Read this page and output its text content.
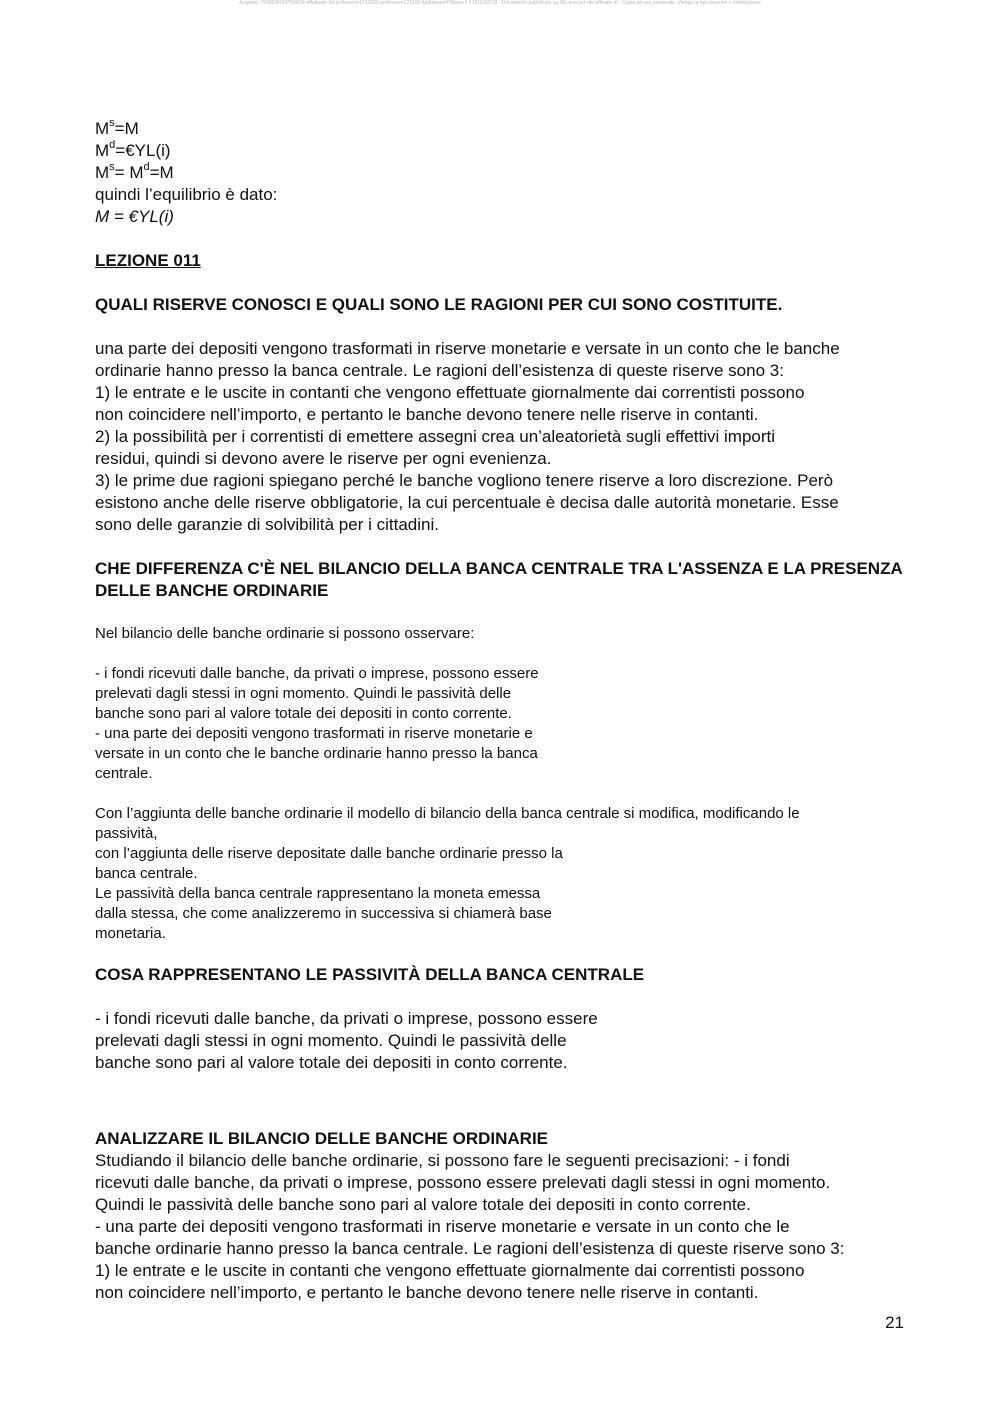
Acquisto: PFMD9H3IP5HK5E effettuato da professore1712000 professore171200 ApdtabsanIPiMaeo il il 15/10/2018 - Documento pubblicato su Sfu.aria nel sito ufficiale di - Copia ad uso personale. Vietata la riproduzione e distribuzione

$M^s=M$

$M^d=€YL(i)$

$M^s= M^d=M$

quindi l’equilibrio è dato:

M = €YL(i)

LEZIONE 011

QUALI RISERVE CONOSCI E QUALI SONO LE RAGIONI PER CUI SONO COSTITUITE.

una parte dei depositi vengono trasformati in riserve monetarie e versate in un conto che le banche

ordinarie hanno presso la banca centrale. Le ragioni dell’esistenza di queste riserve sono 3:

1) le entrate e le uscite in contanti che vengono effettuate giornalmente dai correntisti possono

non coincidere nell’importo, e pertanto le banche devono tenere nelle riserve in contanti.

2) la possibilità per i correntisti di emettere assegni crea un’aleatorietà sugli effettivi importi

residui, quindi si devono avere le riserve per ogni evenienza.

3) le prime due ragioni spiegano perché le banche vogliono tenere riserve a loro discrezione. Però

esistono anche delle riserve obbligatorie, la cui percentuale è decisa dalle autorità monetarie. Esse

sono delle garanzie di solvibilità per i cittadini.

CHE DIFFERENZA C'È NEL BILANCIO DELLA BANCA CENTRALE TRA L'ASSENZA E LA PRESENZA

DELLE BANCHE ORDINARIE

Nel bilancio delle banche ordinarie si possono osservare:

- i fondi ricevuti dalle banche, da privati o imprese, possono essere

prelevati dagli stessi in ogni momento. Quindi le passività delle

banche sono pari al valore totale dei depositi in conto corrente.

- una parte dei depositi vengono trasformati in riserve monetarie e

versate in un conto che le banche ordinarie hanno presso la banca

centrale.

Con l’aggiunta delle banche ordinarie il modello di bilancio della banca centrale si modifica, modificando le

passività,

con l’aggiunta delle riserve depositate dalle banche ordinarie presso la

banca centrale.

Le passività della banca centrale rappresentano la moneta emessa

dalla stessa, che come analizzeremo in successiva si chiamerà base

monetaria.

COSA RAPPRESENTANO LE PASSIVITÀ DELLA BANCA CENTRALE

- i fondi ricevuti dalle banche, da privati o imprese, possono essere

prelevati dagli stessi in ogni momento. Quindi le passività delle

banche sono pari al valore totale dei depositi in conto corrente.

ANALIZZARE IL BILANCIO DELLE BANCHE ORDINARIE

Studiando il bilancio delle banche ordinarie, si possono fare le seguenti precisazioni: - i fondi

ricevuti dalle banche, da privati o imprese, possono essere prelevati dagli stessi in ogni momento.

Quindi le passività delle banche sono pari al valore totale dei depositi in conto corrente.

- una parte dei depositi vengono trasformati in riserve monetarie e versate in un conto che le

banche ordinarie hanno presso la banca centrale. Le ragioni dell’esistenza di queste riserve sono 3:

1) le entrate e le uscite in contanti che vengono effettuate giornalmente dai correntisti possono

non coincidere nell’importo, e pertanto le banche devono tenere nelle riserve in contanti.

21
